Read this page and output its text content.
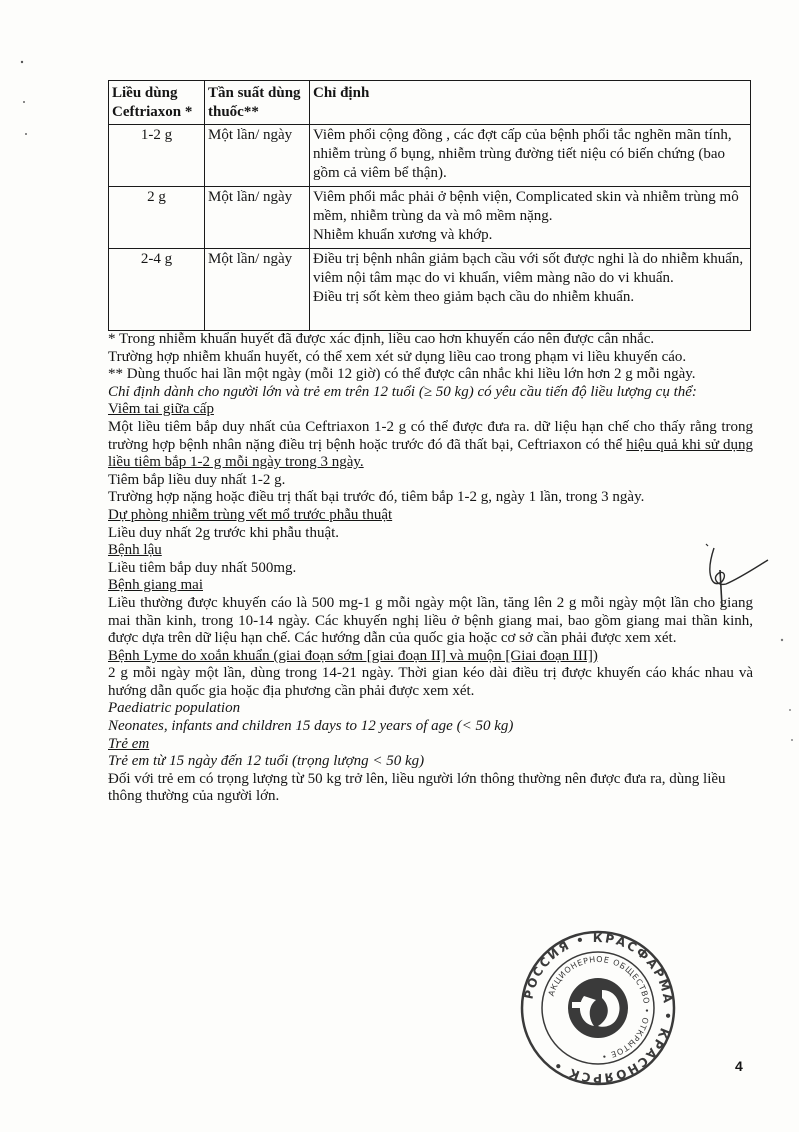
Liều dùng Ceftriaxon *	Tần suất dùng thuốc**	Chỉ định
1-2 g	Một lần/ ngày	Viêm phổi cộng đồng , các đợt cấp của bệnh phổi tắc nghẽn mãn tính, nhiễm trùng ổ bụng, nhiễm trùng đường tiết niệu có biến chứng (bao gồm cả viêm bể thận).

2 g	Một lần/ ngày	Viêm phổi mắc phải ở bệnh viện, Complicated skin và nhiễm trùng mô mềm, nhiễm trùng da và mô mềm nặng.
Nhiễm khuẩn xương và khớp.

2-4 g	Một lần/ ngày	Điều trị bệnh nhân giảm bạch cầu với sốt được nghi là do nhiễm khuẩn, viêm nội tâm mạc do vi khuẩn, viêm màng não do vi khuẩn.
Điều trị sốt kèm theo giảm bạch cầu do nhiễm khuẩn.

* Trong nhiễm khuẩn huyết đã được xác định, liều cao hơn khuyến cáo nên được cân nhắc.

Trường hợp nhiễm khuẩn huyết, có thể xem xét sử dụng liều cao trong phạm vi liều khuyến cáo.

** Dùng thuốc hai lần một ngày (mỗi 12 giờ) có thể được cân nhắc khi liều lớn hơn 2 g mỗi ngày.

Chỉ định dành cho người lớn và trẻ em trên 12 tuổi (≥ 50 kg) có yêu cầu tiến độ liều lượng cụ thể:

Viêm tai giữa cấp

Một liều tiêm bắp duy nhất của Ceftriaxon 1-2 g có thể được đưa ra. dữ liệu hạn chế cho thấy rằng trong trường hợp bệnh nhân nặng điều trị bệnh hoặc trước đó đã thất bại, Ceftriaxon có thể hiệu quả khi sử dụng liều tiêm bắp 1-2 g mỗi ngày trong 3 ngày.

Tiêm bắp liều duy nhất 1-2 g.

Trường hợp nặng hoặc điều trị thất bại trước đó, tiêm bắp 1-2 g, ngày 1 lần, trong 3 ngày.

Dự phòng nhiễm trùng vết mổ trước phẫu thuật

Liều duy nhất 2g trước khi phẫu thuật.

Bệnh lậu

Liều tiêm bắp duy nhất 500mg.

Bệnh giang mai

Liều thường được khuyến cáo là 500 mg-1 g mỗi ngày một lần, tăng lên 2 g mỗi ngày một lần cho giang mai thần kinh, trong 10-14 ngày. Các khuyến nghị liều ở bệnh giang mai, bao gồm giang mai thần kinh, được dựa trên dữ liệu hạn chế. Các hướng dẫn của quốc gia hoặc cơ sở cần phải được xem xét.

Bệnh Lyme do xoắn khuẩn (giai đoạn sớm [giai đoạn II] và muộn [Giai đoạn III])

2 g mỗi ngày một lần, dùng trong 14-21 ngày. Thời gian kéo dài điều trị được khuyến cáo khác nhau và hướng dẫn quốc gia hoặc địa phương cần phải được xem xét.

Paediatric population

Neonates, infants and children 15 days to 12 years of age (< 50 kg)

Trẻ em

Trẻ em từ 15 ngày đến 12 tuổi (trọng lượng < 50 kg)

Đối với trẻ em có trọng lượng từ 50 kg trở lên, liều người lớn thông thường nên được đưa ra, dùng liều thông thường của người lớn.

РОССИЯ • КРАСФАРМА • КРАСНОЯРСК •
АКЦИОНЕРНОЕ ОБЩЕСТВО • ОТКРЫТОЕ •
4
